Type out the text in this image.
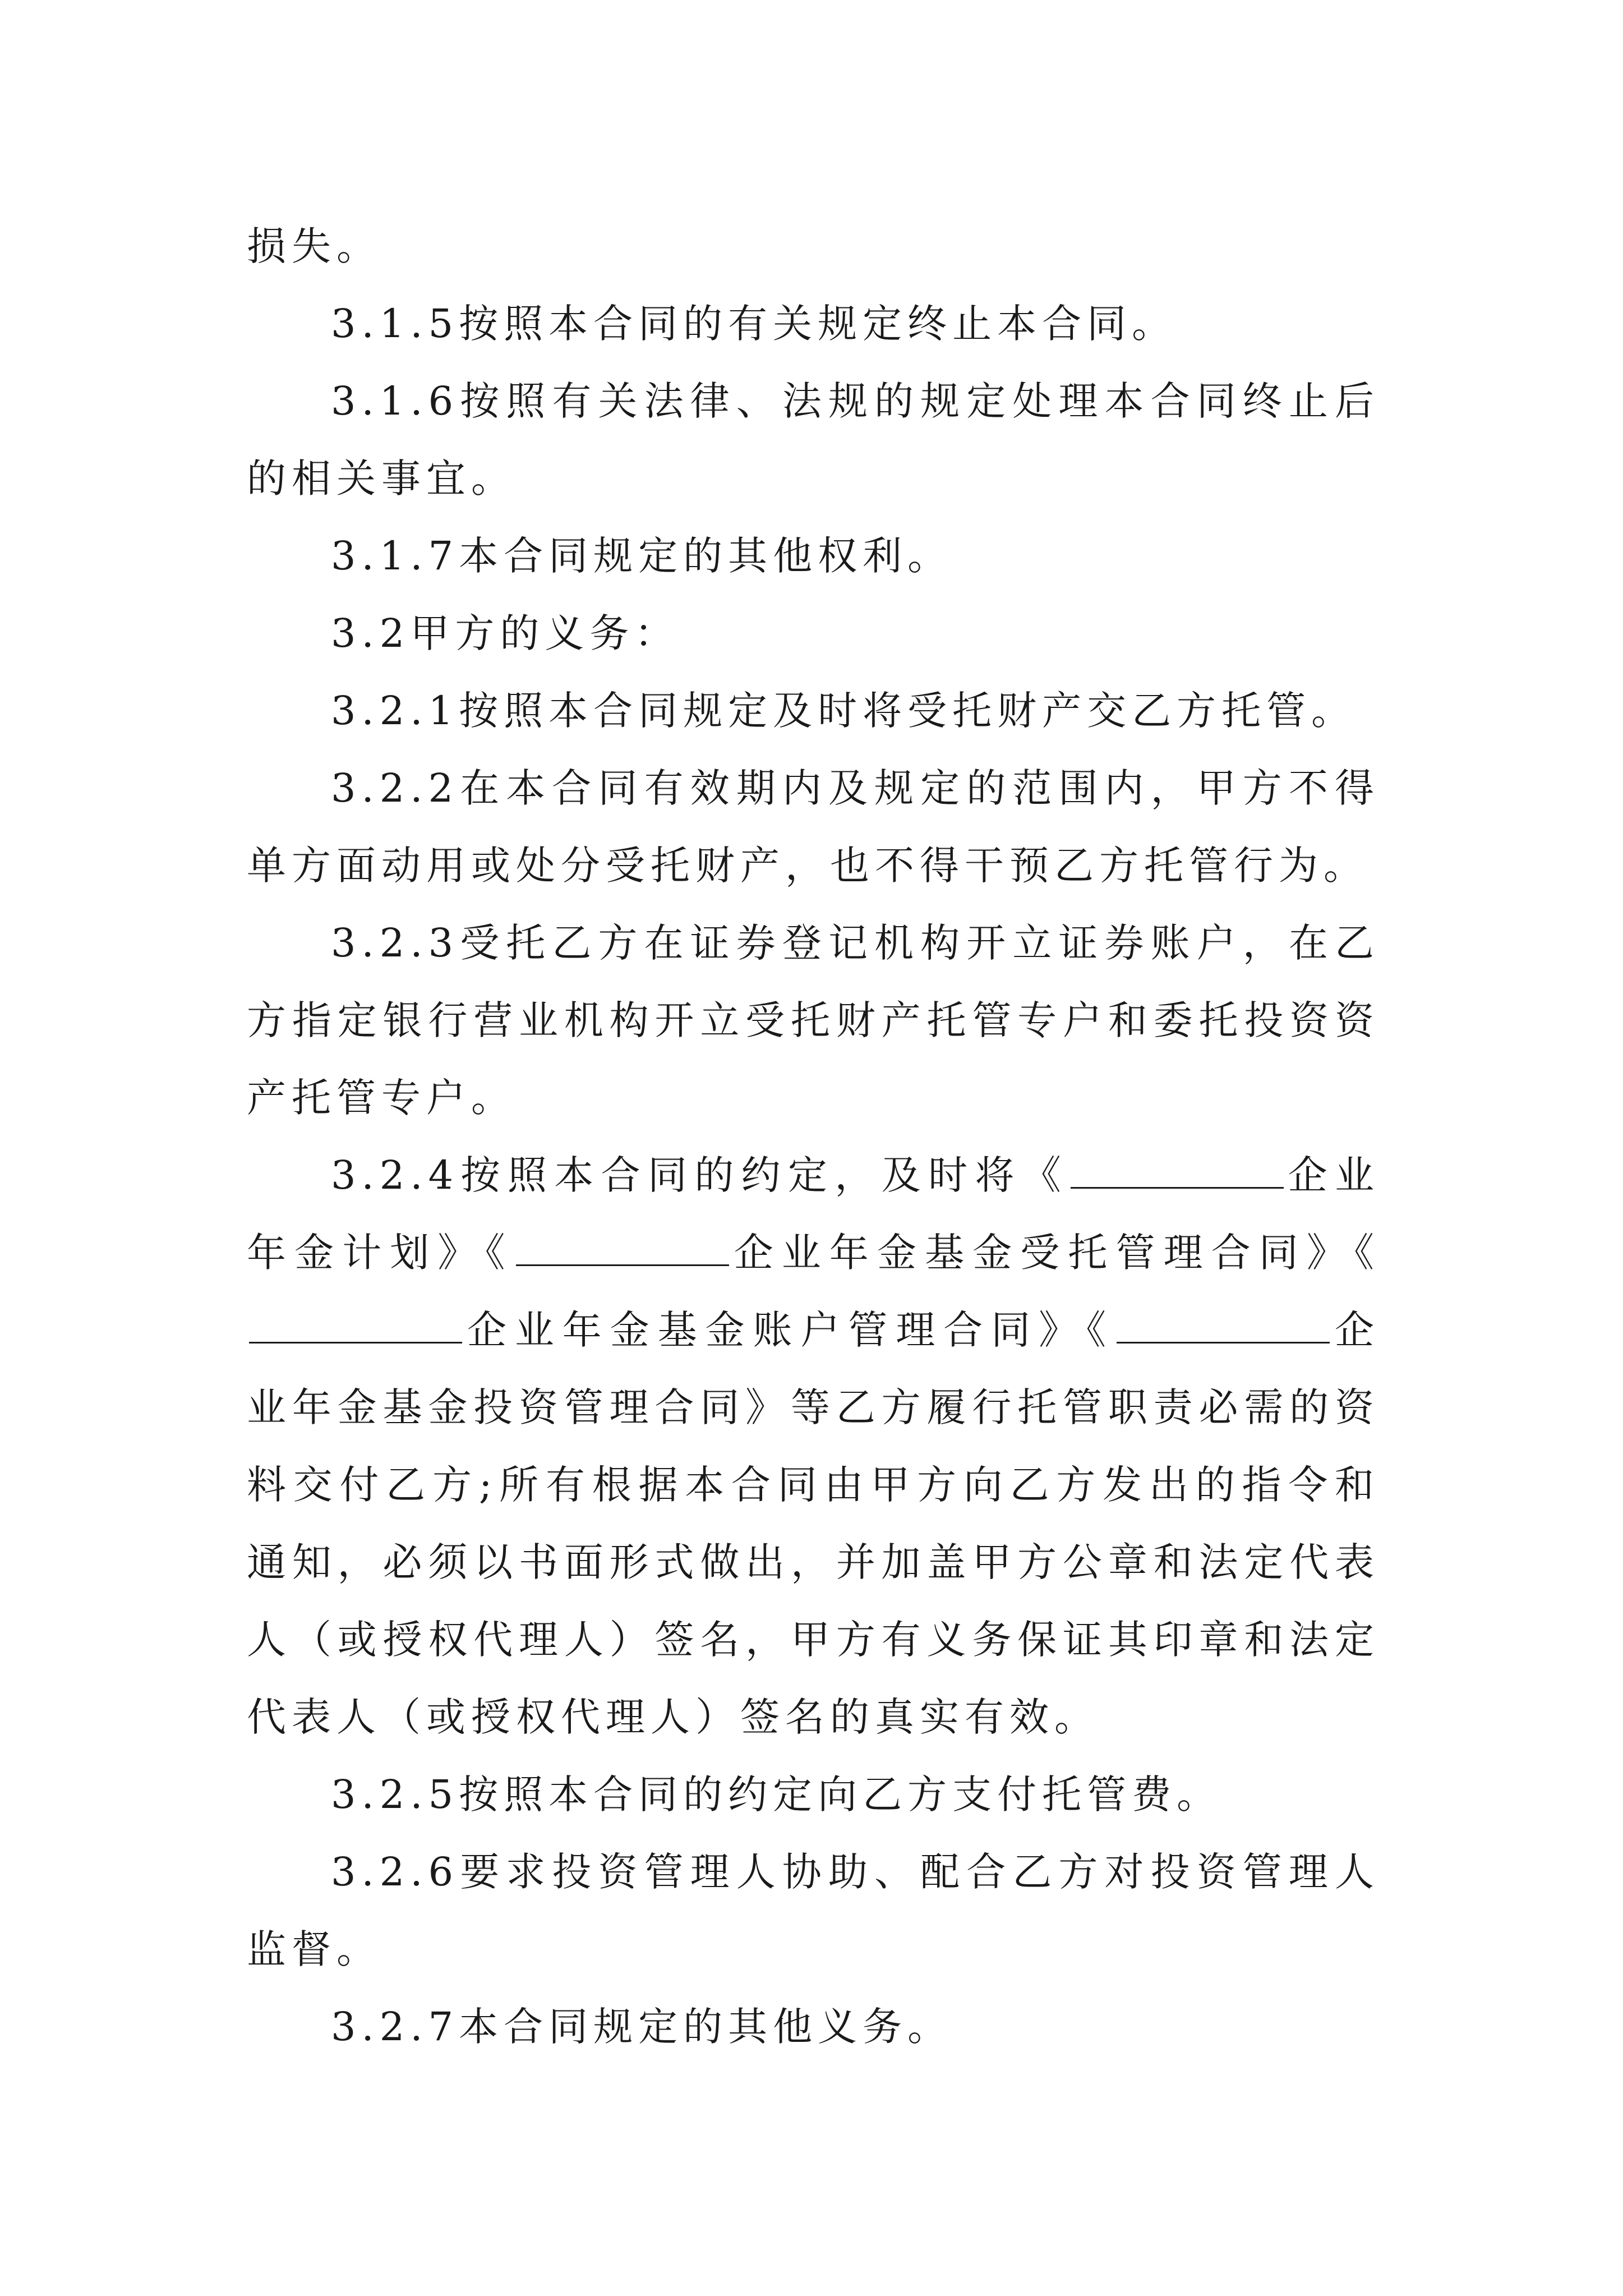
损失。

3.1.5按照本合同的有关规定终止本合同。

3.1.6按照有关法律、法规的规定处理本合同终止后的相关事宜。

3.1.7本合同规定的其他权利。

3.2甲方的义务：

3.2.1按照本合同规定及时将受托财产交乙方托管。

3.2.2在本合同有效期内及规定的范围内，甲方不得单方面动用或处分受托财产，也不得干预乙方托管行为。

3.2.3受托乙方在证券登记机构开立证券账户，在乙方指定银行营业机构开立受托财产托管专户和委托投资资产托管专户。

3.2.4按照本合同的约定，及时将《	企业年金计划》《	企业年金基金受托管理合同》《企业年金基金账户管理合同》《	企业年金基金投资管理合同》等乙方履行托管职责必需的资料交付乙方;所有根据本合同由甲方向乙方发出的指令和通知，必须以书面形式做出，并加盖甲方公章和法定代表人（或授权代理人）签名，甲方有义务保证其印章和法定代表人（或授权代理人）签名的真实有效。

3.2.5按照本合同的约定向乙方支付托管费。

3.2.6要求投资管理人协助、配合乙方对投资管理人监督。

3.2.7本合同规定的其他义务。
